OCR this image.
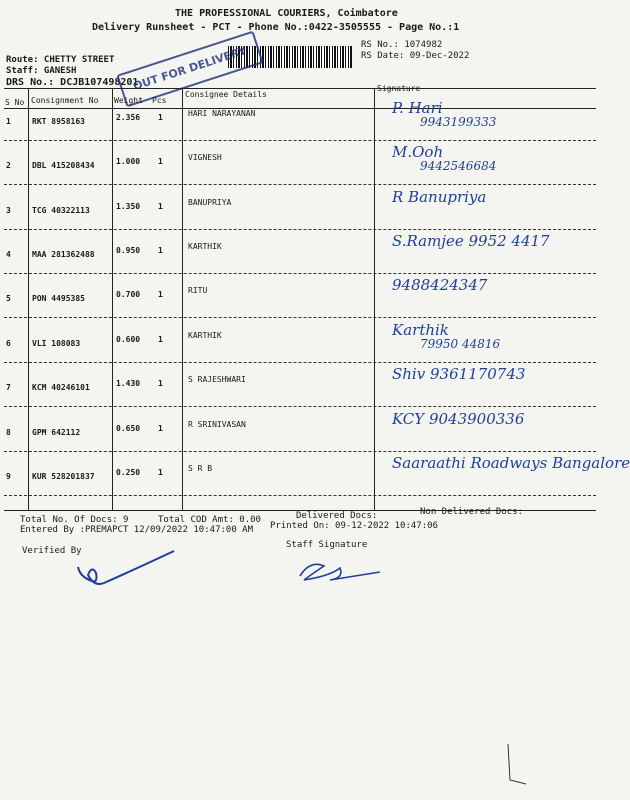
THE PROFESSIONAL COURIERS, Coimbatore
Delivery Runsheet - PCT - Phone No.:0422-3505555 - Page No.:1
Route: CHETTY STREET
Staff: GANESH
DRS No.: DCJB107498201
RS No.: 1074982
RS Date: 09-Dec-2022
OUT FOR DELIVERY
S No Consignment No Weight Pcs
Consignee Details
Signature
1	RKT 8958163	2.356 1	HARI NARAYANAN	P. Hari
9943199333
2	DBL 415208434	1.000 1	VIGNESH	M.Ooh
9442546684
3	TCG 40322113	1.350 1	BANUPRIYA	R Banupriya
4	MAA 281362488	0.950 1	KARTHIK	S.Ramjee 9952 4417
5	PON 4495385	0.700 1	RITU	9488424347
6	VLI 108083	0.600 1	KARTHIK	Karthik
79950 44816
7	KCM 40246101	1.430 1	S RAJESHWARI	Shiv 9361170743
8	GPM 642112	0.650 1	R SRINIVASAN	KCY 9043900336
9	KUR 528201837	0.250 1	S R B	Saaraathi Roadways Bangalore
Total No. Of Docs: 9	Total COD Amt: 0.00	Delivered Docs:	Non Delivered Docs:
Entered By :PREMAPCT 12/09/2022 10:47:00 AM Printed On: 09-12-2022 10:47:06
Verified By
Staff Signature
